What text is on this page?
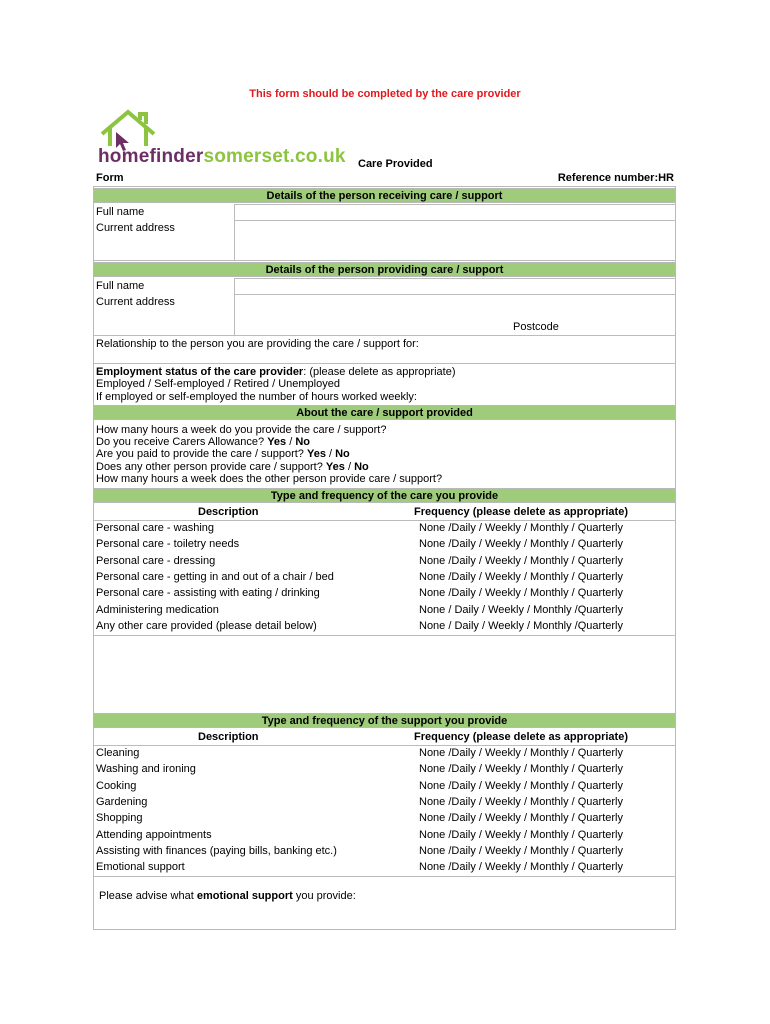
This form should be completed by the care provider
homefindersomerset.co.uk Care Provided
Form	Reference number:HR
Details of the person receiving care / support
Full name
Current address
Details of the person providing care / support
Full name
Current address
Postcode
Relationship to the person you are providing the care / support for:
Employment status of the care provider: (please delete as appropriate)
Employed / Self-employed / Retired / Unemployed
If employed or self-employed the number of hours worked weekly:
About the care / support provided
How many hours a week do you provide the care / support?
Do you receive Carers Allowance? Yes / No
Are you paid to provide the care / support? Yes / No
Does any other person provide care / support? Yes / No
How many hours a week does the other person provide care / support?
Type and frequency of the care you provide
Description	Frequency (please delete as appropriate)
Personal care - washing	None /Daily / Weekly / Monthly / Quarterly
Personal care - toiletry needs	None /Daily / Weekly / Monthly / Quarterly
Personal care - dressing	None /Daily / Weekly / Monthly / Quarterly
Personal care - getting in and out of a chair / bed	None /Daily / Weekly / Monthly / Quarterly
Personal care - assisting with eating / drinking	None /Daily / Weekly / Monthly / Quarterly
Administering medication	None / Daily / Weekly / Monthly /Quarterly
Any other care provided (please detail below)	None / Daily / Weekly / Monthly /Quarterly
Type and frequency of the support you provide
Description	Frequency (please delete as appropriate)
Cleaning	None /Daily / Weekly / Monthly / Quarterly
Washing and ironing	None /Daily / Weekly / Monthly / Quarterly
Cooking	None /Daily / Weekly / Monthly / Quarterly
Gardening	None /Daily / Weekly / Monthly / Quarterly
Shopping	None /Daily / Weekly / Monthly / Quarterly
Attending appointments	None /Daily / Weekly / Monthly / Quarterly
Assisting with finances (paying bills, banking etc.)	None /Daily / Weekly / Monthly / Quarterly
Emotional support	None /Daily / Weekly / Monthly / Quarterly
Please advise what emotional support you provide:
